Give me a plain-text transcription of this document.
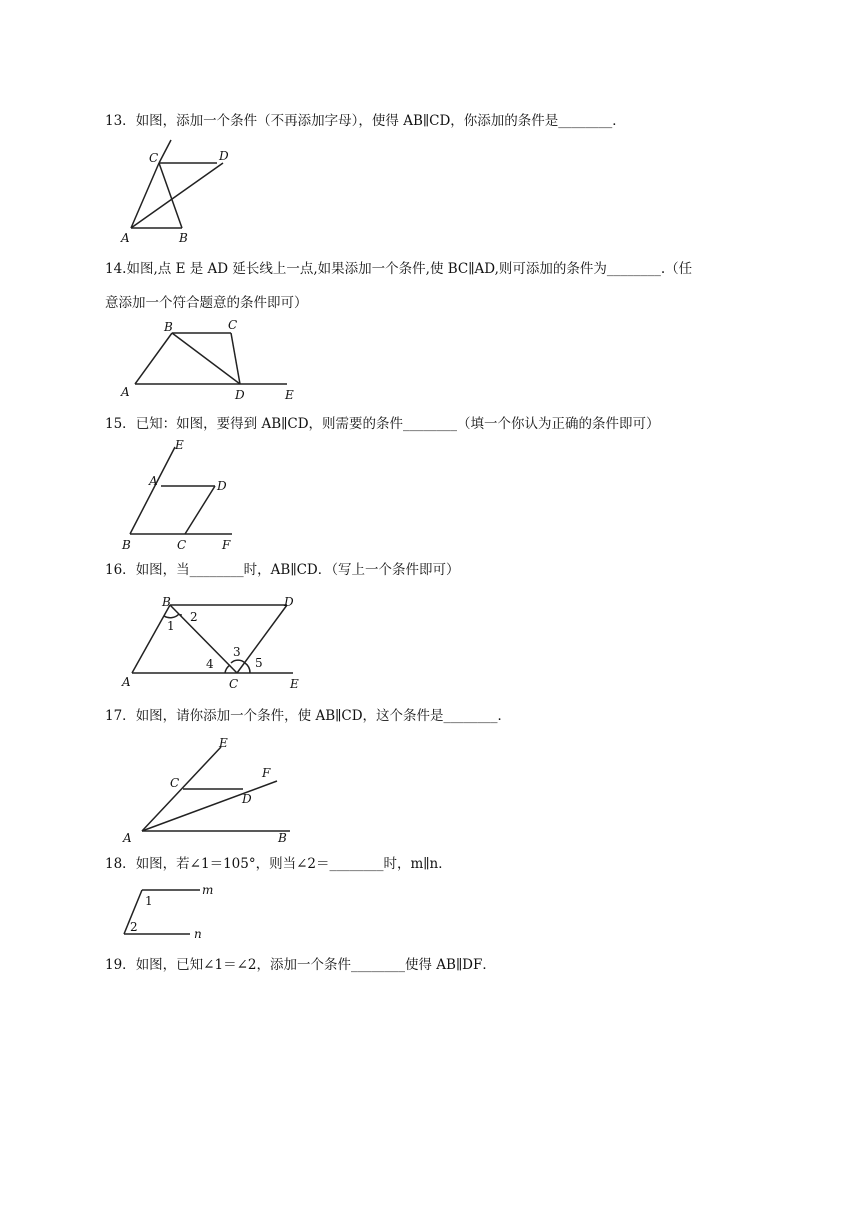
13．如图，添加一个条件（不再添加字母），使得 AB∥CD，你添加的条件是________．
C	D
A	B
14.如图,点 E 是 AD 延长线上一点,如果添加一个条件,使 BC∥AD,则可添加的条件为________.（任
意添加一个符合题意的条件即可）
B	C
A	D	E
15．已知：如图，要得到 AB∥CD，则需要的条件________（填一个你认为正确的条件即可）
E
A	D
B	C	F
16．如图，当________时，AB∥CD．（写上一个条件即可）
B	D
A	C	E
1
2
3
4	5
17．如图，请你添加一个条件，使 AB∥CD，这个条件是________．
E
F
C
D
A	B
18．如图，若∠1＝105°，则当∠2＝________时，m∥n．
m
n
1
2
19．如图，已知∠1＝∠2，添加一个条件________使得 AB∥DF．
